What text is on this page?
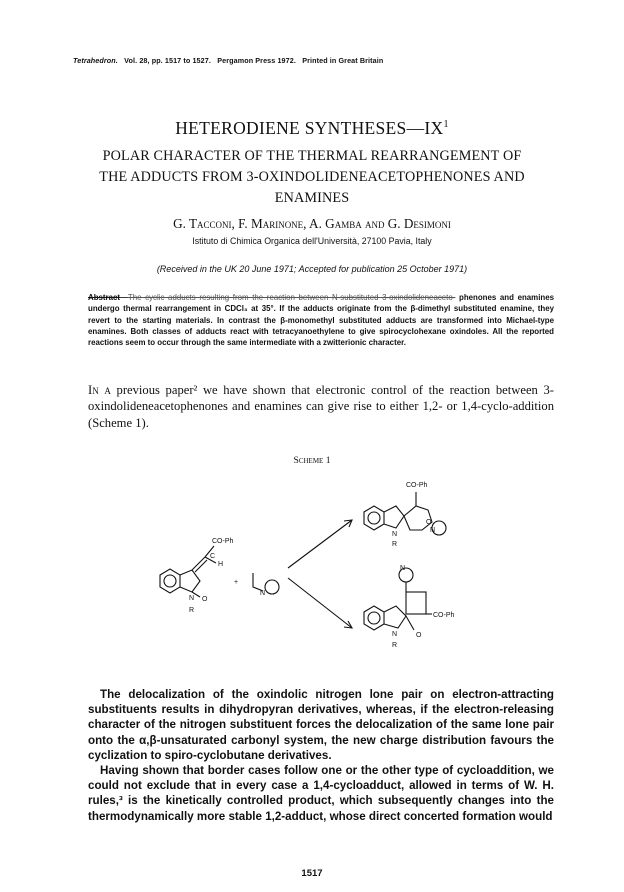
Tetrahedron. Vol. 28, pp. 1517 to 1527. Pergamon Press 1972. Printed in Great Britain
HETERODIENE $SYNTHESES—IX^1$
POLAR CHARACTER OF THE THERMAL REARRANGEMENT OF
THE ADDUCTS FROM 3-OXINDOLIDENEACETOPHENONES AND
ENAMINES
G. Tacconi, F. Marinone, A. Gamba and G. Desimoni
Istituto di Chimica Organica dell'Università, 27100 Pavia, Italy
(Received in the UK 20 June 1971; Accepted for publication 25 October 1971)
Abstract—The cyclic adducts resulting from the reaction between N-substituted 3-oxindolideneaceto- phenones and enamines undergo thermal rearrangement in CDCl₃ at 35°. If the adducts originate from the β-dimethyl substituted enamine, they revert to the starting materials. In contrast the β-monomethyl substituted adducts are transformed into Michael-type enamines. Both classes of adducts react with tetracyanoethylene to give spirocyclohexane oxindoles. All the reported reactions seem to occur through the same intermediate with a zwitterionic character.
In a previous paper² we have shown that electronic control of the reaction between 3-oxindolideneacetophenones and enamines can give rise to either 1,2- or 1,4-cyclo-addition (Scheme 1).
Scheme 1
CO-Ph
C
H
N O
R
+
N
CO-Ph
N
R
O
N
N
CO-Ph
N	O
R

The delocalization of the oxindolic nitrogen lone pair on electron-attracting substituents results in dihydropyran derivatives, whereas, if the electron-releasing character of the nitrogen substituent forces the delocalization of the same lone pair onto the α,β-unsaturated carbonyl system, the new charge distribution favours the cyclization to spiro-cyclobutane derivatives.

Having shown that border cases follow one or the other type of cycloaddition, we could not exclude that in every case a 1,4-cycloadduct, allowed in terms of W. H. rules,³ is the kinetically controlled product, which subsequently changes into the thermodynamically more stable 1,2-adduct, whose direct concerted formation would

1517
